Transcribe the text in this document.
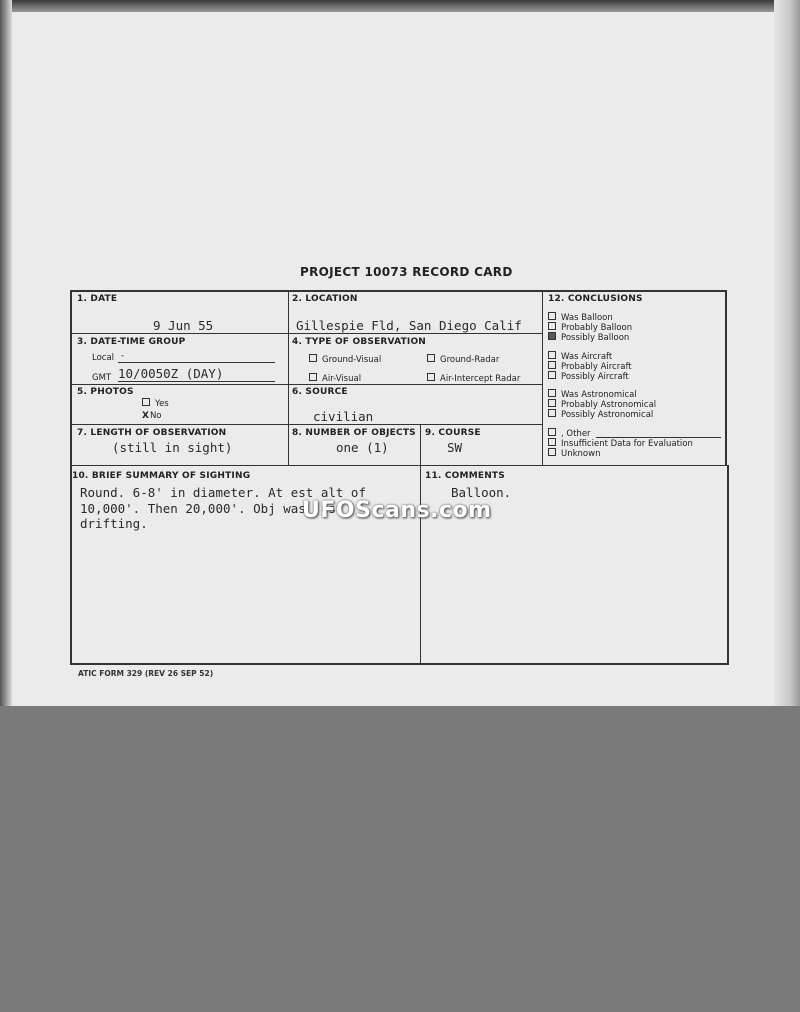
PROJECT 10073 RECORD CARD
1. DATE
9 Jun 55
2. LOCATION
Gillespie Fld, San Diego Calif
3. DATE-TIME GROUP
Local -
GMT 10/0050Z (DAY)
4. TYPE OF OBSERVATION
Ground-Visual	Ground-Radar
Air-Visual	Air-Intercept Radar
5. PHOTOS
Yes
XNo
6. SOURCE
civilian
7. LENGTH OF OBSERVATION
(still in sight)
8. NUMBER OF OBJECTS
one (1)
9. COURSE
SW
10. BRIEF SUMMARY OF SIGHTING
Round. 6-8' in diameter. At est alt of
10,000'. Then 20,000'. Obj was just
drifting.
11. COMMENTS
Balloon.
12. CONCLUSIONS
Was Balloon
Probably Balloon
Possibly Balloon
Was Aircraft
Probably Aircraft
Possibly Aircraft
Was Astronomical
Probably Astronomical
Possibly Astronomical
, Other
Insufficient Data for Evaluation
Unknown
UFOScans.com
ATIC FORM 329 (REV 26 SEP 52)
